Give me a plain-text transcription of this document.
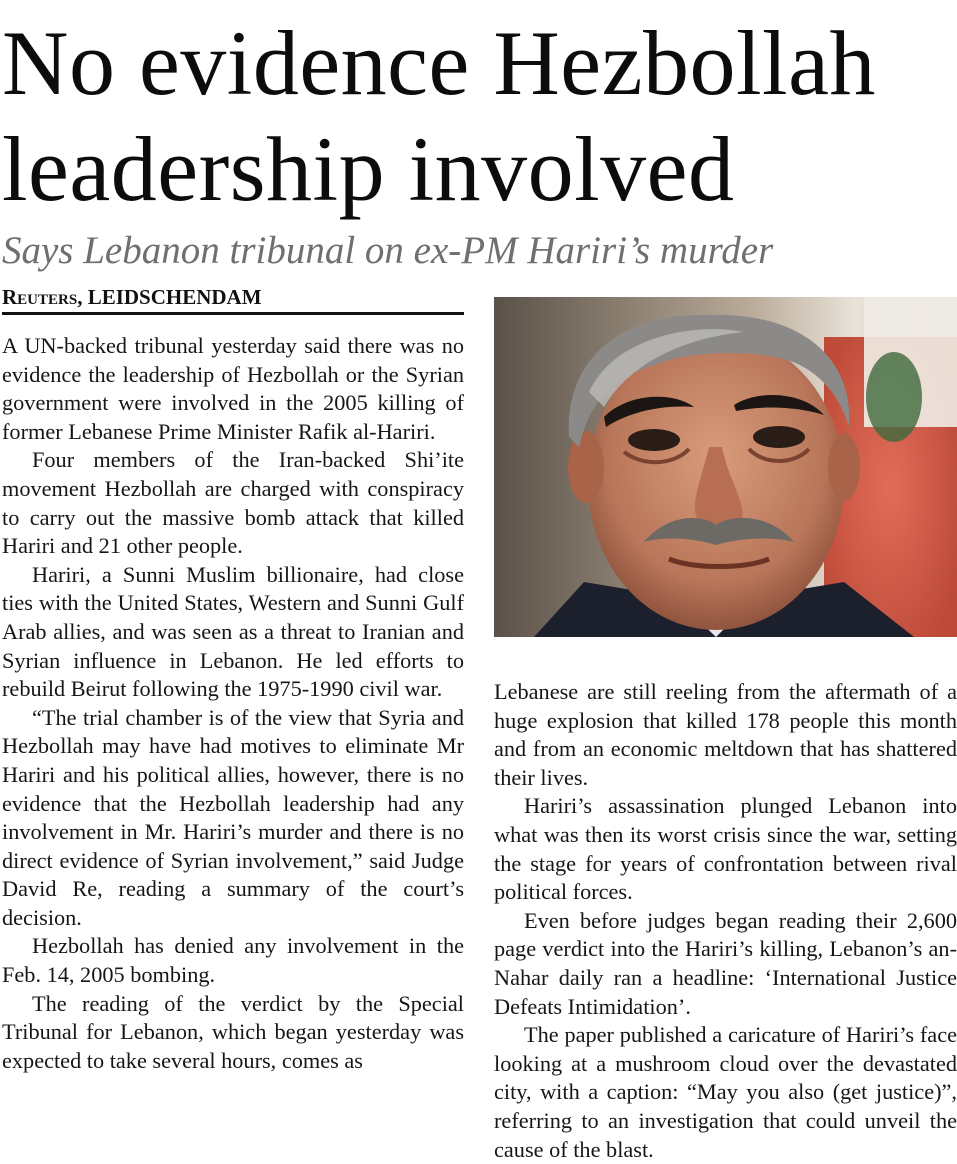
No evidence Hezbollah
leadership involved
Says Lebanon tribunal on ex-PM Hariri’s murder
Reuters, LEIDSCHENDAM

A UN-backed tribunal yesterday said there was no evidence the leadership of Hezbollah or the Syrian government were involved in the 2005 killing of former Lebanese Prime Minister Rafik al-Hariri.

Four members of the Iran-backed Shi’ite movement Hezbollah are charged with conspiracy to carry out the massive bomb attack that killed Hariri and 21 other people.

Hariri, a Sunni Muslim billionaire, had close ties with the United States, Western and Sunni Gulf Arab allies, and was seen as a threat to Iranian and Syrian influence in Lebanon. He led efforts to rebuild Beirut following the 1975-1990 civil war.

“The trial chamber is of the view that Syria and Hezbollah may have had motives to eliminate Mr Hariri and his political allies, however, there is no evidence that the Hezbollah leadership had any involvement in Mr. Hariri’s murder and there is no direct evidence of Syrian involvement,” said Judge David Re, reading a summary of the court’s decision.

Hezbollah has denied any involvement in the Feb. 14, 2005 bombing.

The reading of the verdict by the Special Tribunal for Lebanon, which began yesterday was expected to take several hours, comes as

Lebanese are still reeling from the aftermath of a huge explosion that killed 178 people this month and from an economic meltdown that has shattered their lives.

Hariri’s assassination plunged Lebanon into what was then its worst crisis since the war, setting the stage for years of confrontation between rival political forces.

Even before judges began reading their 2,600 page verdict into the Hariri’s killing, Lebanon’s an-Nahar daily ran a headline: ‘International Justice Defeats Intimidation’.

The paper published a caricature of Hariri’s face looking at a mushroom cloud over the devastated city, with a caption: “May you also (get justice)”, referring to an investigation that could unveil the cause of the blast.
